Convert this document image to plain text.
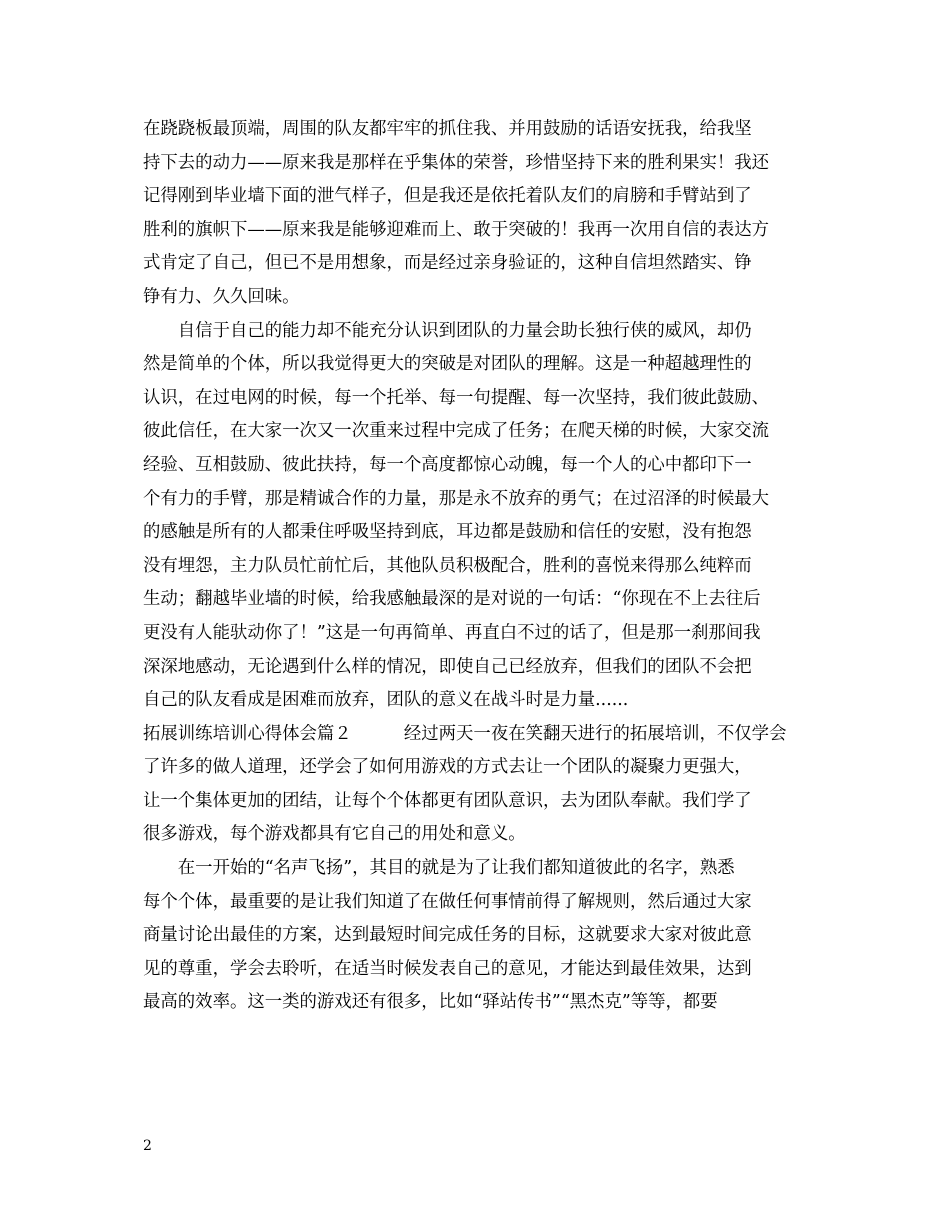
在跷跷板最顶端，周围的队友都牢牢的抓住我、并用鼓励的话语安抚我，给我坚
持下去的动力——原来我是那样在乎集体的荣誉，珍惜坚持下来的胜利果实！我还
记得刚到毕业墙下面的泄气样子，但是我还是依托着队友们的肩膀和手臂站到了
胜利的旗帜下——原来我是能够迎难而上、敢于突破的！我再一次用自信的表达方
式肯定了自己，但已不是用想象，而是经过亲身验证的，这种自信坦然踏实、铮
铮有力、久久回味。
　　自信于自己的能力却不能充分认识到团队的力量会助长独行侠的威风，却仍
然是简单的个体，所以我觉得更大的突破是对团队的理解。这是一种超越理性的
认识，在过电网的时候，每一个托举、每一句提醒、每一次坚持，我们彼此鼓励、
彼此信任，在大家一次又一次重来过程中完成了任务；在爬天梯的时候，大家交流
经验、互相鼓励、彼此扶持，每一个高度都惊心动魄，每一个人的心中都印下一
个有力的手臂，那是精诚合作的力量，那是永不放弃的勇气；在过沼泽的时候最大
的感触是所有的人都秉住呼吸坚持到底，耳边都是鼓励和信任的安慰，没有抱怨
没有埋怨，主力队员忙前忙后，其他队员积极配合，胜利的喜悦来得那么纯粹而
生动；翻越毕业墙的时候，给我感触最深的是对说的一句话：“你现在不上去往后
更没有人能驮动你了！”这是一句再简单、再直白不过的话了，但是那一刹那间我
深深地感动，无论遇到什么样的情况，即使自己已经放弃，但我们的团队不会把
自己的队友看成是困难而放弃，团队的意义在战斗时是力量......
拓展训练培训心得体会篇２　　　经过两天一夜在笑翻天进行的拓展培训，不仅学会
了许多的做人道理，还学会了如何用游戏的方式去让一个团队的凝聚力更强大，
让一个集体更加的团结，让每个个体都更有团队意识，去为团队奉献。我们学了
很多游戏，每个游戏都具有它自己的用处和意义。
　　在一开始的“名声飞扬”，其目的就是为了让我们都知道彼此的名字，熟悉
每个个体，最重要的是让我们知道了在做任何事情前得了解规则，然后通过大家
商量讨论出最佳的方案，达到最短时间完成任务的目标，这就要求大家对彼此意
见的尊重，学会去聆听，在适当时候发表自己的意见，才能达到最佳效果，达到
最高的效率。这一类的游戏还有很多，比如“驿站传书”“黑杰克”等等，都要
2
